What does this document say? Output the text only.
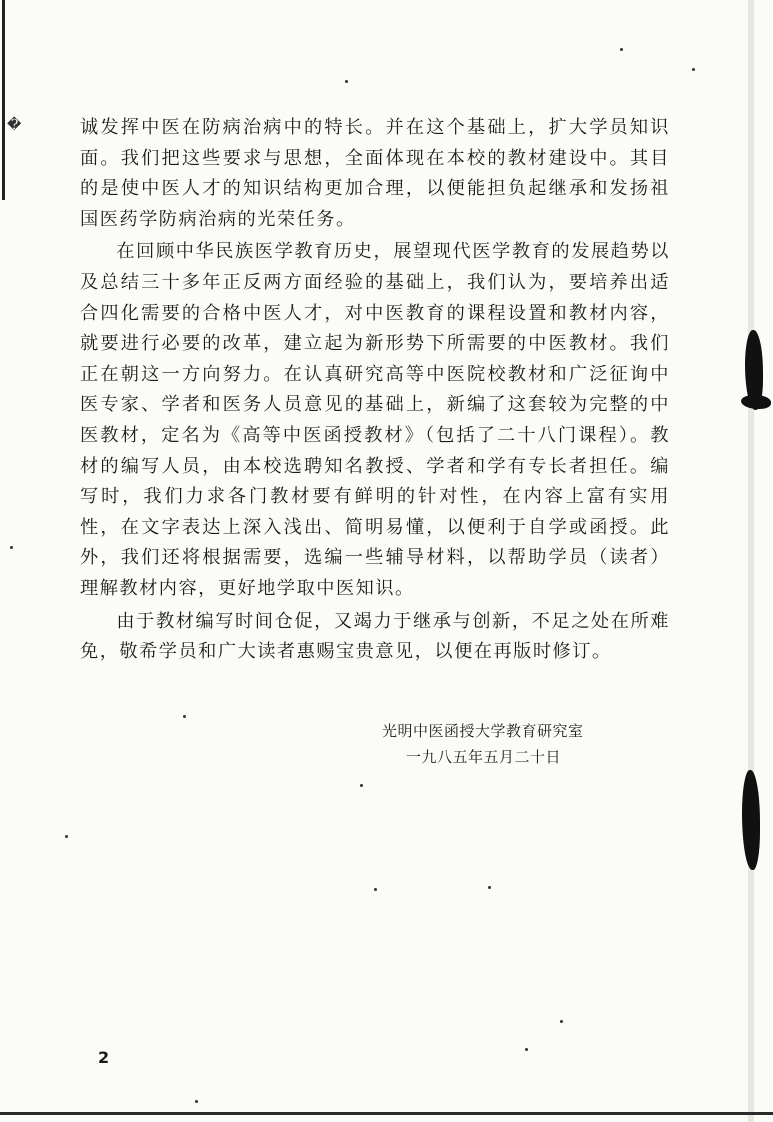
�	诚发挥中医在防病治病中的特长。并在这个基础上，扩大学员知识面。我们把这些要求与思想，全面体现在本校的教材建设中。其目的是使中医人才的知识结构更加合理，以便能担负起继承和发扬祖国医药学防病治病的光荣任务。

在回顾中华民族医学教育历史，展望现代医学教育的发展趋势以及总结三十多年正反两方面经验的基础上，我们认为，要培养出适合四化需要的合格中医人才，对中医教育的课程设置和教材内容，就要进行必要的改革，建立起为新形势下所需要的中医教材。我们正在朝这一方向努力。在认真研究高等中医院校教材和广泛征询中医专家、学者和医务人员意见的基础上，新编了这套较为完整的中医教材，定名为《高等中医函授教材》（包括了二十八门课程）。教材的编写人员，由本校选聘知名教授、学者和学有专长者担任。编写时，我们力求各门教材要有鲜明的针对性，在内容上富有实用性，在文字表达上深入浅出、简明易懂，以便利于自学或函授。此外，我们还将根据需要，选编一些辅导材料，以帮助学员（读者）理解教材内容，更好地学取中医知识。

由于教材编写时间仓促，又竭力于继承与创新，不足之处在所难免，敬希学员和广大读者惠赐宝贵意见，以便在再版时修订。

光明中医函授大学教育研究室
一九八五年五月二十日
2
